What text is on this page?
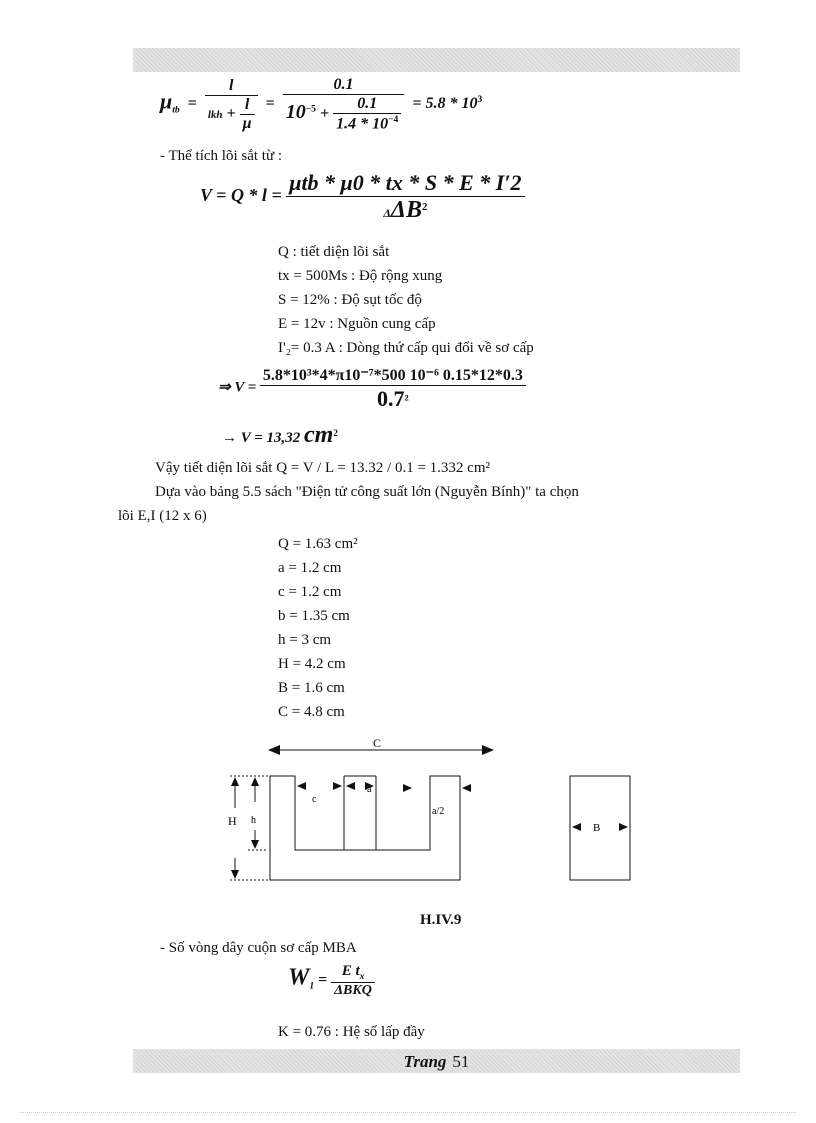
$\mu_{tb}$ =
l
lkh + $\frac{l}{\mu} = \frac{0.1}{10^{-5} + \frac{0.1}{1.4 * 10^{-4}}} = 5.8 * 10^3$
- Thể tích lõi sắt từ :
V = Q * l =
μtb * μ0 * tx * S * E * I′2
ΔΔB$^2$
Q : tiết diện lõi sắt
tx = 500Ms : Độ rộng xung
S = 12% : Độ sụt tốc độ
E = 12v : Nguồn cung cấp
I'₂= 0.3 A : Dòng thứ cấp qui đổi về sơ cấp
⇒ $V = \frac{\text{5.8*10³*4*π10⁻⁷*500 10⁻⁶ 0.15*12*0.3}}{0.7^2}$
→ V = 13,32 $cm^2$
Vậy tiết diện lõi sắt Q = V / L = 13.32 / 0.1 = 1.332 cm²
Dựa vào bảng 5.5 sách "Điện tử công suất lớn (Nguyễn Bính)" ta chọn
lõi E,I (12 x 6)
Q = 1.63 cm²
a = 1.2 cm
c = 1.2 cm
b = 1.35 cm
h = 3 cm
H = 4.2 cm
B = 1.6 cm
C = 4.8 cm
C
H h
c
a
a/2
B
H.IV.9
- Số vòng dây cuộn sơ cấp MBA
$W_1$ =
E $t_x$
ΔBKQ
K = 0.76 : Hệ số lấp đầy
Trang 51
